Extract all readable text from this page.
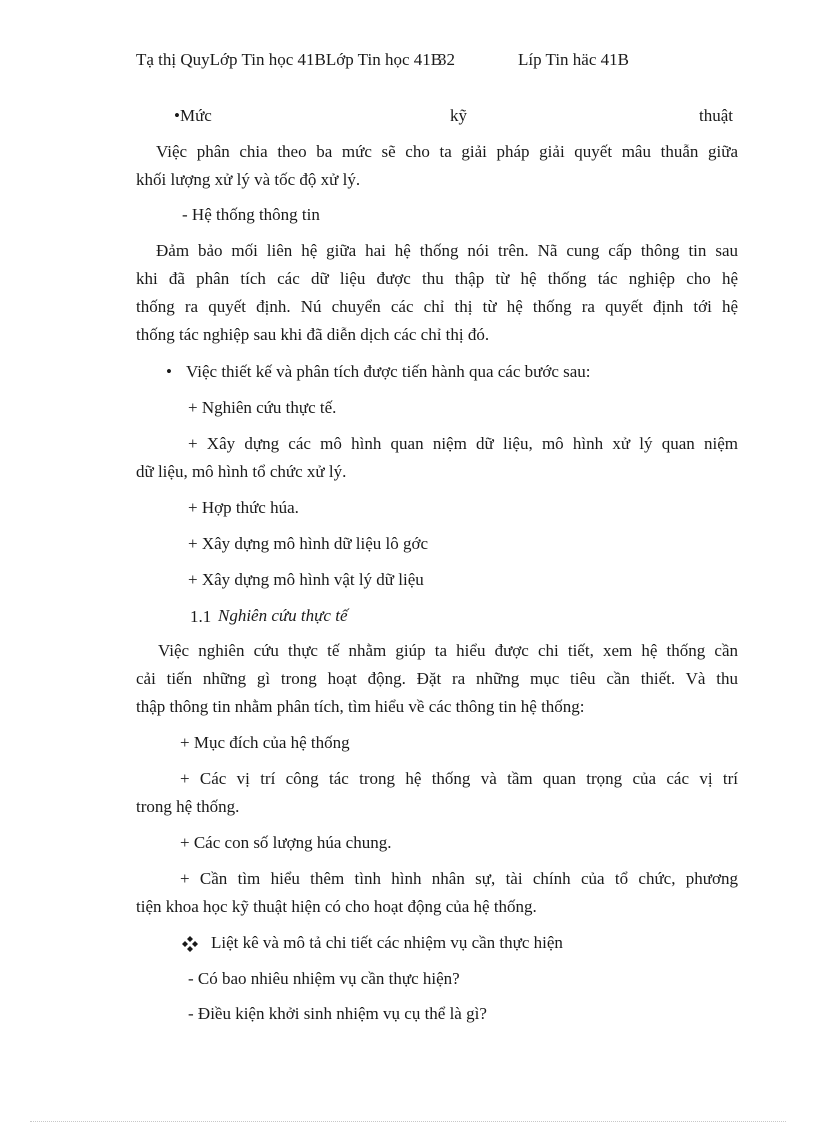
Tạ thị QuyLớp Tin học 41BLớp Tin học 41B
32	Líp Tin häc 41B
•Mức	kỹ	thuật
Việc phân chia theo ba mức sẽ cho ta giải pháp giải quyết mâu thuẫn giữa
khối lượng xử lý và tốc độ xử lý.
- Hệ thống thông tin
Đảm bảo mối liên hệ giữa hai hệ thống nói trên. Nã cung cấp thông tin sau
khi đã phân tích các dữ liệu được thu thập từ hệ thống tác nghiệp cho hệ
thống ra quyết định. Nú chuyển các chỉ thị từ hệ thống ra quyết định tới hệ
thống tác nghiệp sau khi đã diễn dịch các chỉ thị đó.
• Việc thiết kế và phân tích được tiến hành qua các bước sau:
+ Nghiên cứu thực tế.
+ Xây dựng các mô hình quan niệm dữ liệu, mô hình xử lý quan niệm
dữ liệu, mô hình tổ chức xử lý.
+ Hợp thức húa.
+ Xây dựng mô hình dữ liệu lô gớc
+ Xây dựng mô hình vật lý dữ liệu
1.1 Nghiên cứu thực tế
Việc nghiên cứu thực tế nhằm giúp ta hiểu được chi tiết, xem hệ thống cần
cải tiến những gì trong hoạt động. Đặt ra những mục tiêu cần thiết. Và thu
thập thông tin nhằm phân tích, tìm hiểu về các thông tin hệ thống:
+ Mục đích của hệ thống
+ Các vị trí công tác trong hệ thống và tầm quan trọng của các vị trí
trong hệ thống.
+ Các con số lượng húa chung.
+ Cần tìm hiểu thêm tình hình nhân sự, tài chính của tổ chức, phương
tiện khoa học kỹ thuật hiện có cho hoạt động của hệ thống.
Liệt kê và mô tả chi tiết các nhiệm vụ cần thực hiện
- Có bao nhiêu nhiệm vụ cần thực hiện?
- Điều kiện khởi sinh nhiệm vụ cụ thể là gì?
